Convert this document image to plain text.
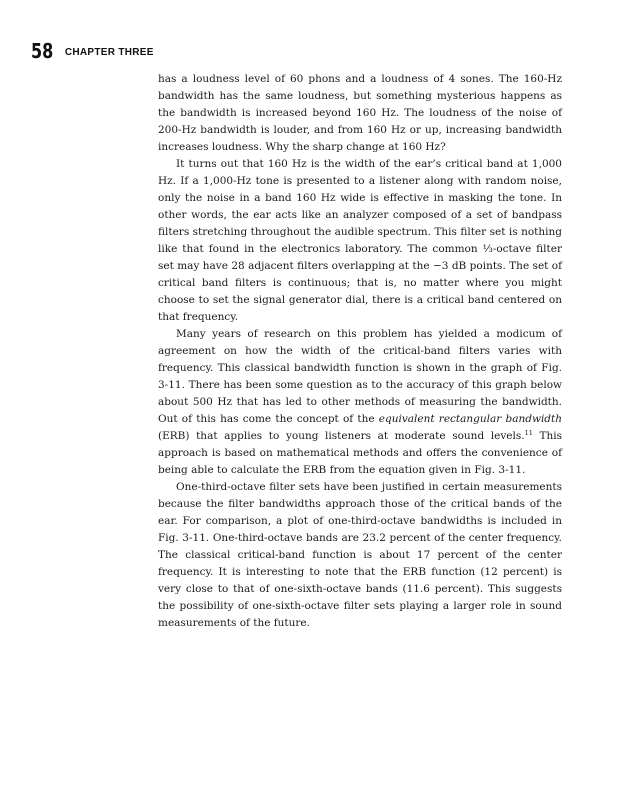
58 CHAPTER THREE

has a loudness level of 60 phons and a loudness of 4 sones. The 160-Hz bandwidth has the same loudness, but something mysterious happens as the bandwidth is increased beyond 160 Hz. The loudness of the noise of 200-Hz bandwidth is louder, and from 160 Hz or up, increasing bandwidth increases loudness. Why the sharp change at 160 Hz?

It turns out that 160 Hz is the width of the ear’s critical band at 1,000 Hz. If a 1,000-Hz tone is presented to a listener along with random noise, only the noise in a band 160 Hz wide is effective in masking the tone. In other words, the ear acts like an analyzer composed of a set of bandpass filters stretching throughout the audible spectrum. This filter set is nothing like that found in the electronics laboratory. The common ⅓-octave filter set may have 28 adjacent filters overlapping at the −3 dB points. The set of critical band filters is continuous; that is, no matter where you might choose to set the signal generator dial, there is a critical band centered on that frequency.

Many years of research on this problem has yielded a modicum of agreement on how the width of the critical-band filters varies with frequency. This classical bandwidth function is shown in the graph of Fig. 3-11. There has been some question as to the accuracy of this graph below about 500 Hz that has led to other methods of measuring the bandwidth. Out of this has come the concept of the equivalent rectangular bandwidth (ERB) that applies to young listeners at moderate sound levels.$^{11}$ This approach is based on mathematical methods and offers the convenience of being able to calculate the ERB from the equation given in Fig. 3-11.

One-third-octave filter sets have been justified in certain measurements because the filter bandwidths approach those of the critical bands of the ear. For comparison, a plot of one-third-octave bandwidths is included in Fig. 3-11. One-third-octave bands are 23.2 percent of the center frequency. The classical critical-band function is about 17 percent of the center frequency. It is interesting to note that the ERB function (12 percent) is very close to that of one-sixth-octave bands (11.6 percent). This suggests the possibility of one-sixth-octave filter sets playing a larger role in sound measurements of the future.
